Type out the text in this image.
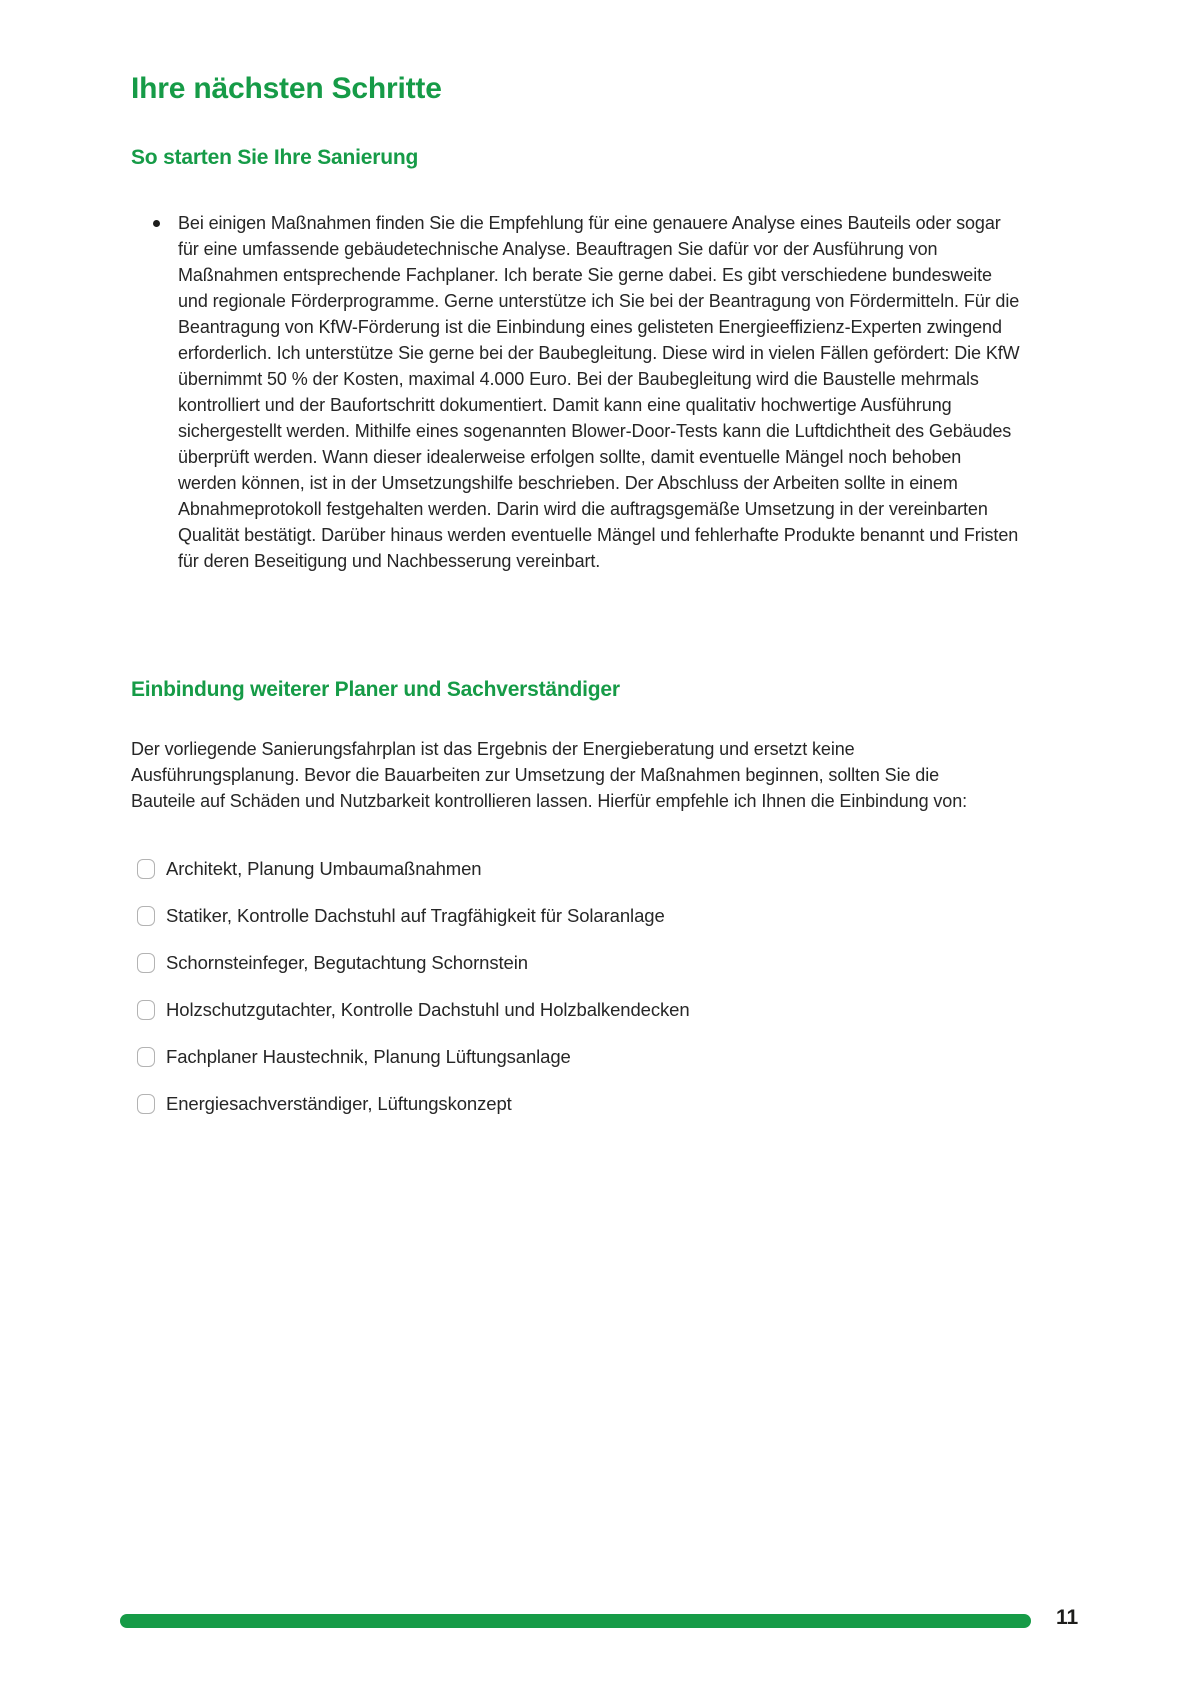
Ihre nächsten Schritte
So starten Sie Ihre Sanierung

Bei einigen Maßnahmen finden Sie die Empfehlung für eine genauere Analyse eines Bauteils oder sogar für eine umfassende gebäudetechnische Analyse. Beauftragen Sie dafür vor der Ausführung von Maßnahmen entsprechende Fachplaner. Ich berate Sie gerne dabei. Es gibt verschiedene bundesweite und regionale Förderprogramme. Gerne unterstütze ich Sie bei der Beantragung von Fördermitteln. Für die Beantragung von KfW-Förderung ist die Einbindung eines gelisteten Energieeffizienz-Experten zwingend erforderlich. Ich unterstütze Sie gerne bei der Baubegleitung. Diese wird in vielen Fällen gefördert: Die KfW übernimmt 50 % der Kosten, maximal 4.000 Euro. Bei der Baubegleitung wird die Baustelle mehrmals kontrolliert und der Baufortschritt dokumentiert. Damit kann eine qualitativ hochwertige Ausführung sichergestellt werden. Mithilfe eines sogenannten Blower-Door-Tests kann die Luftdichtheit des Gebäudes überprüft werden. Wann dieser idealerweise erfolgen sollte, damit eventuelle Mängel noch behoben werden können, ist in der Umsetzungshilfe beschrieben. Der Abschluss der Arbeiten sollte in einem Abnahmeprotokoll festgehalten werden. Darin wird die auftragsgemäße Umsetzung in der vereinbarten Qualität bestätigt. Darüber hinaus werden eventuelle Mängel und fehlerhafte Produkte benannt und Fristen für deren Beseitigung und Nachbesserung vereinbart.

Einbindung weiterer Planer und Sachverständiger

Der vorliegende Sanierungsfahrplan ist das Ergebnis der Energieberatung und ersetzt keine Ausführungsplanung. Bevor die Bauarbeiten zur Umsetzung der Maßnahmen beginnen, sollten Sie die Bauteile auf Schäden und Nutzbarkeit kontrollieren lassen. Hierfür empfehle ich Ihnen die Einbindung von:

Architekt, Planung Umbaumaßnahmen
Statiker, Kontrolle Dachstuhl auf Tragfähigkeit für Solaranlage
Schornsteinfeger, Begutachtung Schornstein
Holzschutzgutachter, Kontrolle Dachstuhl und Holzbalkendecken
Fachplaner Haustechnik, Planung Lüftungsanlage
Energiesachverständiger, Lüftungskonzept
11
